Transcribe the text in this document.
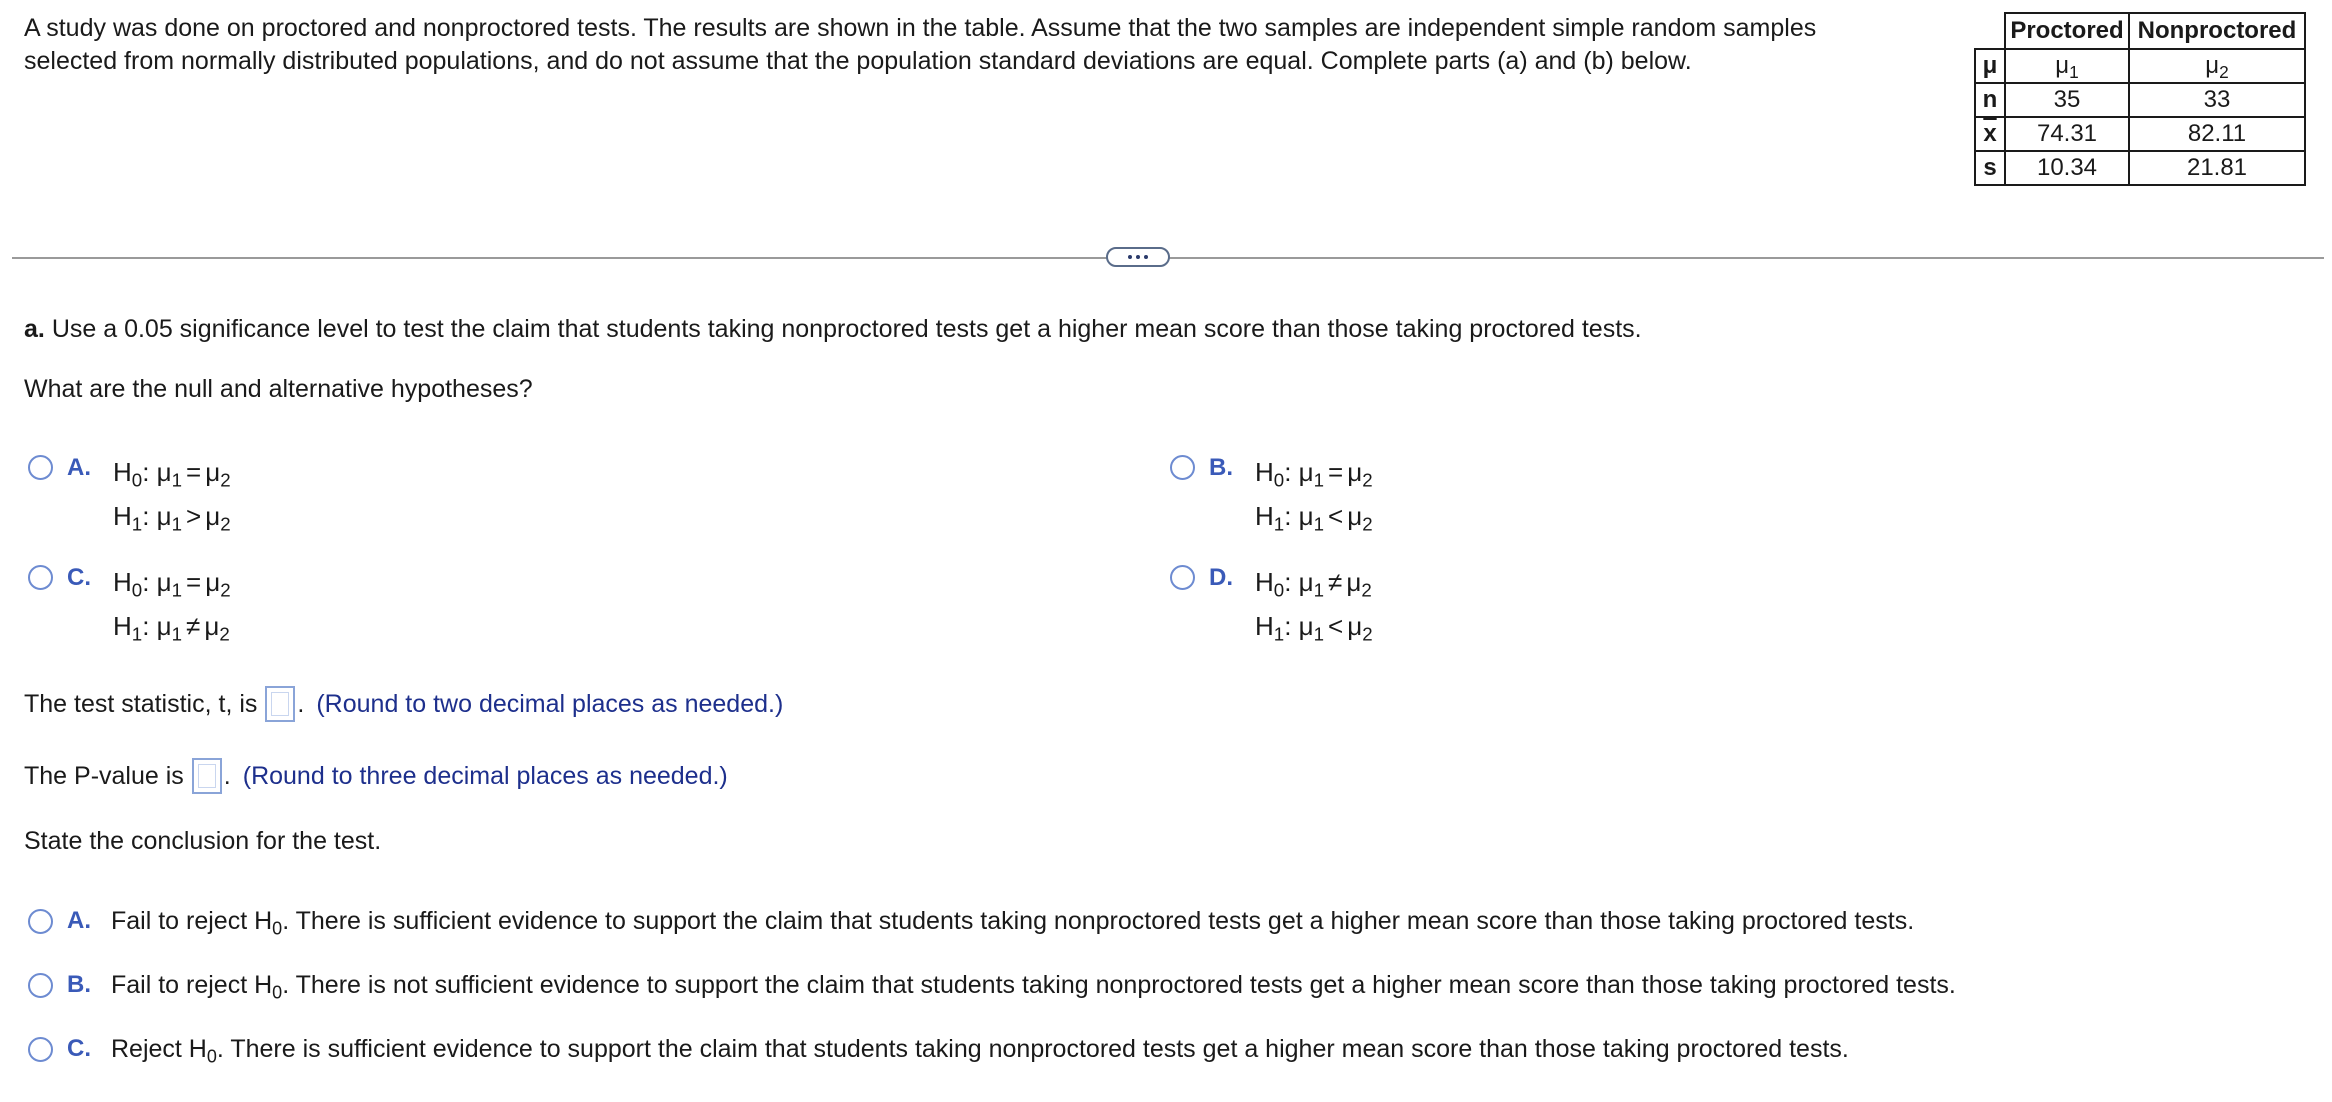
A study was done on proctored and nonproctored tests. The results are shown in the table. Assume that the two samples are independent simple random samples
selected from normally distributed populations, and do not assume that the population standard deviations are equal. Complete parts (a) and (b) below.
	Proctored	Nonproctored
μ	$\mu_1$	$\mu_2$
n	35	33
$\overline{x}$	74.31	82.11
s	10.34	21.81
a. Use a 0.05 significance level to test the claim that students taking nonproctored tests get a higher mean score than those taking proctored tests.
What are the null and alternative hypotheses?
A. $H_0$: $\mu_1 = \mu_2$
$H_1$: $\mu_1 > \mu_2$
B. $H_0$: $\mu_1 = \mu_2$
$H_1$: $\mu_1 < \mu_2$
C. $H_0$: $\mu_1 = \mu_2$
$H_1$: $\mu_1 \ne \mu_2$
D. $H_0$: $\mu_1 \ne \mu_2$
$H_1$: $\mu_1 < \mu_2$
The test statistic, t, is . (Round to two decimal places as needed.)
The P-value is . (Round to three decimal places as needed.)
State the conclusion for the test.
A. Fail to reject $H_0$. There is sufficient evidence to support the claim that students taking nonproctored tests get a higher mean score than those taking proctored tests.
B. Fail to reject $H_0$. There is not sufficient evidence to support the claim that students taking nonproctored tests get a higher mean score than those taking proctored tests.
C. Reject $H_0$. There is sufficient evidence to support the claim that students taking nonproctored tests get a higher mean score than those taking proctored tests.
